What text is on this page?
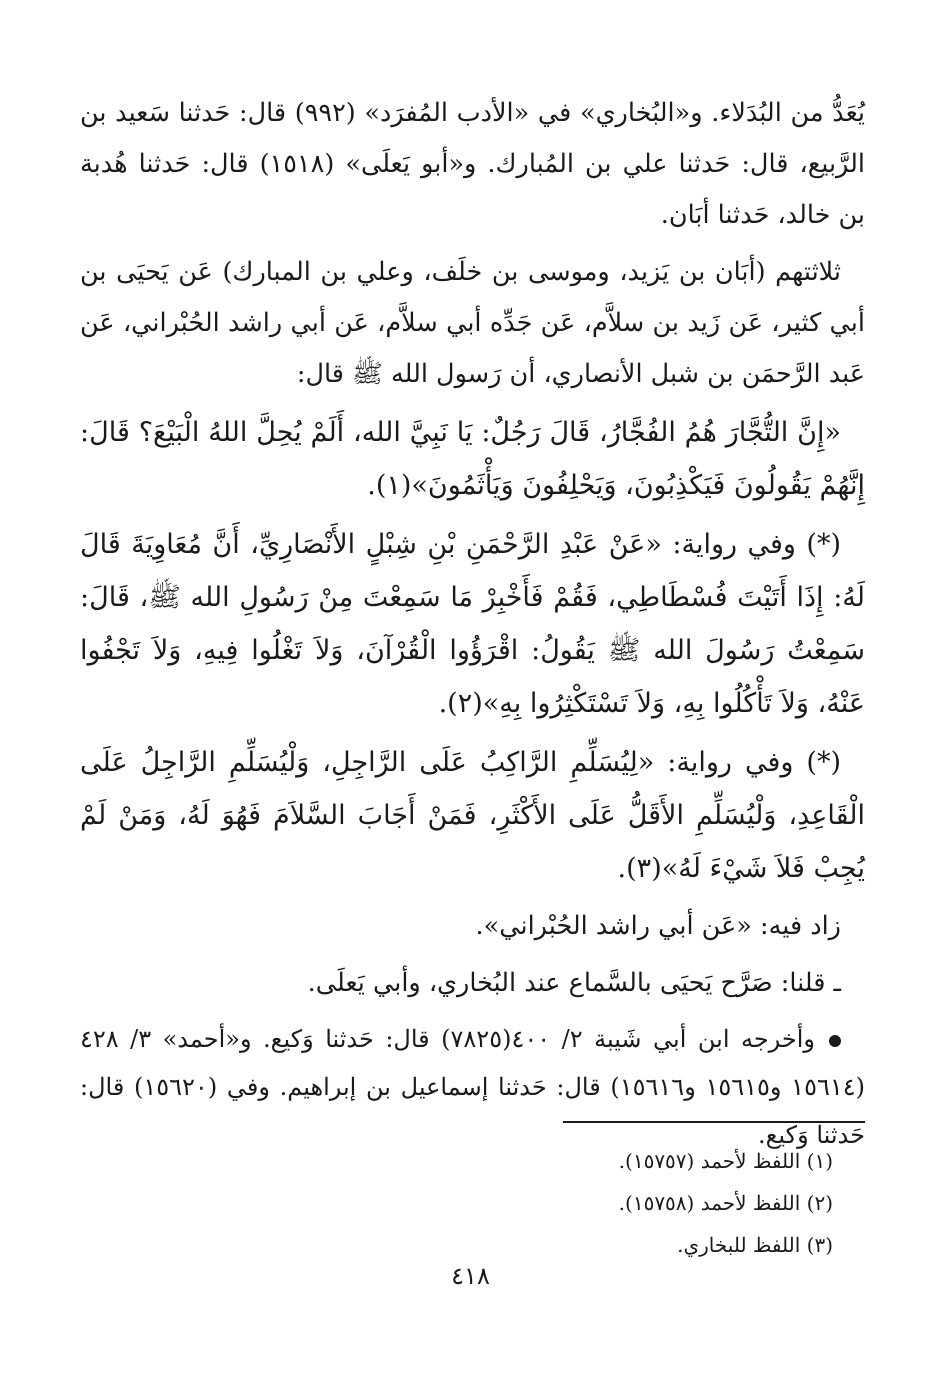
يُعَدُّ من البُدَلاء. و«البُخاري» في «الأدب المُفرَد» (٩٩٢) قال: حَدثنا سَعيد بن الرَّبيع، قال: حَدثنا علي بن المُبارك. و«أبو يَعلَى» (١٥١٨) قال: حَدثنا هُدبة بن خالد، حَدثنا أبَان.

ثلاثتهم (أبَان بن يَزيد، وموسى بن خلَف، وعلي بن المبارك) عَن يَحيَى بن أبي كثير، عَن زَيد بن سلاَّم، عَن جَدِّه أبي سلاَّم، عَن أبي راشد الحُبْراني، عَن عَبد الرَّحمَن بن شبل الأنصاري، أن رَسول الله ﷺ قال:

«إِنَّ التُّجَّارَ هُمُ الفُجَّارُ، قَالَ رَجُلٌ: يَا نَبِيَّ الله، أَلَمْ يُحِلَّ اللهُ الْبَيْعَ؟ قَالَ: إِنَّهُمْ يَقُولُونَ فَيَكْذِبُونَ، وَيَحْلِفُونَ وَيَأْثَمُونَ»(١).

(*) وفي رواية: «عَنْ عَبْدِ الرَّحْمَنِ بْنِ شِبْلٍ الأَنْصَارِيِّ، أَنَّ مُعَاوِيَةَ قَالَ لَهُ: إِذَا أَتَيْتَ فُسْطَاطِي، فَقُمْ فَأَخْبِرْ مَا سَمِعْتَ مِنْ رَسُولِ الله ﷺ، قَالَ: سَمِعْتُ رَسُولَ الله ﷺ يَقُولُ: اقْرَؤُوا الْقُرْآنَ، وَلاَ تَغْلُوا فِيهِ، وَلاَ تَجْفُوا عَنْهُ، وَلاَ تَأْكُلُوا بِهِ، وَلاَ تَسْتَكْثِرُوا بِهِ»(٢).

(*) وفي رواية: «لِيُسَلِّمِ الرَّاكِبُ عَلَى الرَّاجِلِ، وَلْيُسَلِّمِ الرَّاجِلُ عَلَى الْقَاعِدِ، وَلْيُسَلِّمِ الأَقَلُّ عَلَى الأَكْثَرِ، فَمَنْ أَجَابَ السَّلاَمَ فَهُوَ لَهُ، وَمَنْ لَمْ يُجِبْ فَلاَ شَيْءَ لَهُ»(٣).

زاد فيه: «عَن أبي راشد الحُبْراني».

ـ قلنا: صَرَّح يَحيَى بالسَّماع عند البُخاري، وأبي يَعلَى.

وأخرجه ابن أبي شَيبة ٢/ ٤٠٠(٧٨٢٥) قال: حَدثنا وَكيع. و«أحمد» ٣/ ٤٢٨ (١٥٦١٤ و١٥٦١٥ و١٥٦١٦) قال: حَدثنا إسماعيل بن إبراهيم. وفي (١٥٦٢٠) قال: حَدثنا وَكيع.

(١) اللفظ لأحمد (١٥٧٥٧).

(٢) اللفظ لأحمد (١٥٧٥٨).

(٣) اللفظ للبخاري.

٤١٨
